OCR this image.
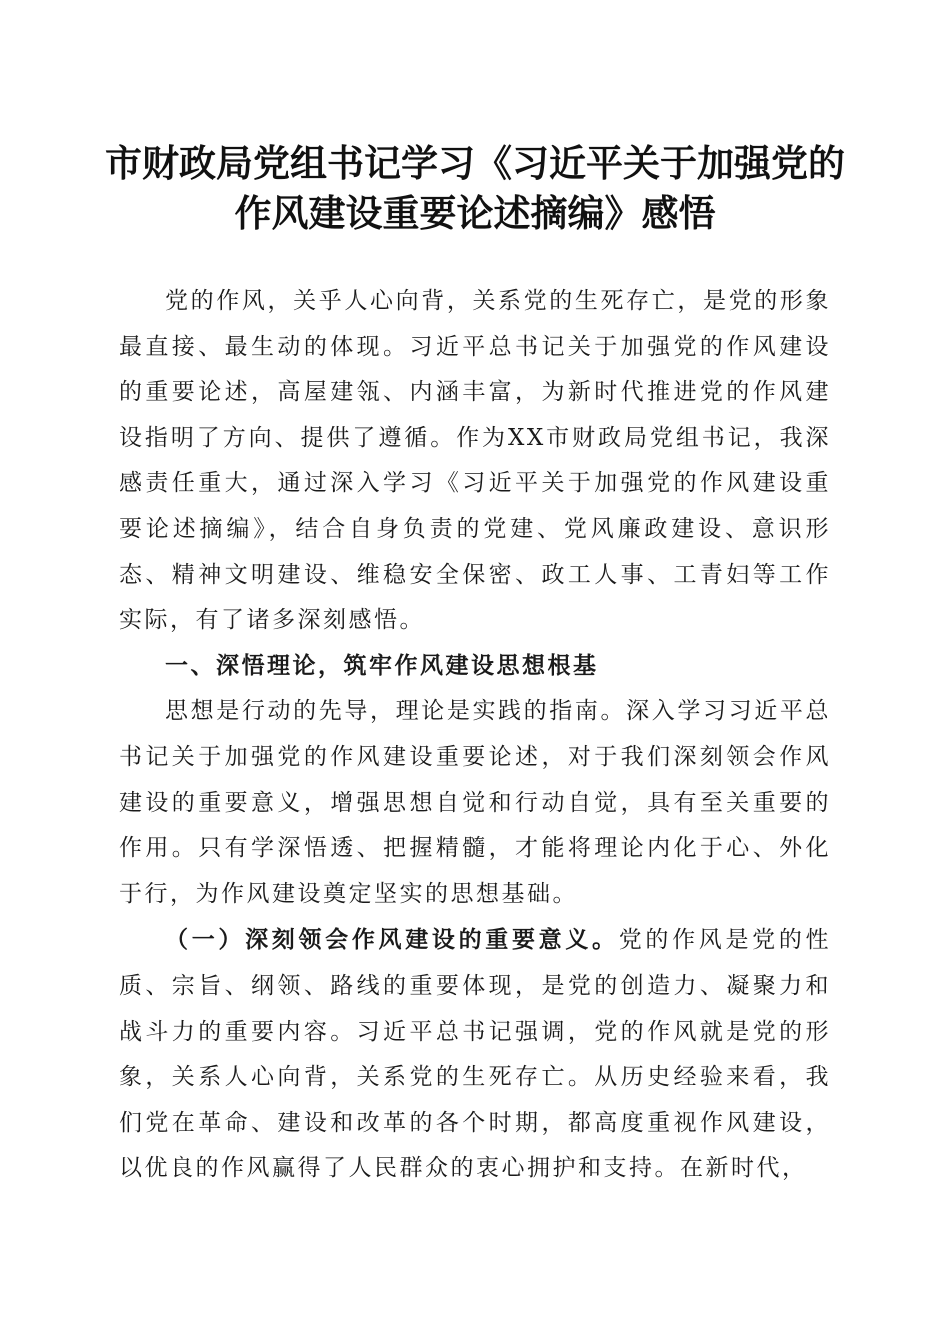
市财政局党组书记学习《习近平关于加强党的
作风建设重要论述摘编》感悟

党的作风，关乎人心向背，关系党的生死存亡，是党的形象最直接、最生动的体现。习近平总书记关于加强党的作风建设的重要论述，高屋建瓴、内涵丰富，为新时代推进党的作风建设指明了方向、提供了遵循。作为XX市财政局党组书记，我深感责任重大，通过深入学习《习近平关于加强党的作风建设重要论述摘编》，结合自身负责的党建、党风廉政建设、意识形态、精神文明建设、维稳安全保密、政工人事、工青妇等工作实际，有了诸多深刻感悟。

一、深悟理论，筑牢作风建设思想根基

思想是行动的先导，理论是实践的指南。深入学习习近平总书记关于加强党的作风建设重要论述，对于我们深刻领会作风建设的重要意义，增强思想自觉和行动自觉，具有至关重要的作用。只有学深悟透、把握精髓，才能将理论内化于心、外化于行，为作风建设奠定坚实的思想基础。

（一）深刻领会作风建设的重要意义。党的作风是党的性质、宗旨、纲领、路线的重要体现，是党的创造力、凝聚力和战斗力的重要内容。习近平总书记强调，党的作风就是党的形象，关系人心向背，关系党的生死存亡。从历史经验来看，我们党在革命、建设和改革的各个时期，都高度重视作风建设，以优良的作风赢得了人民群众的衷心拥护和支持。在新时代，
